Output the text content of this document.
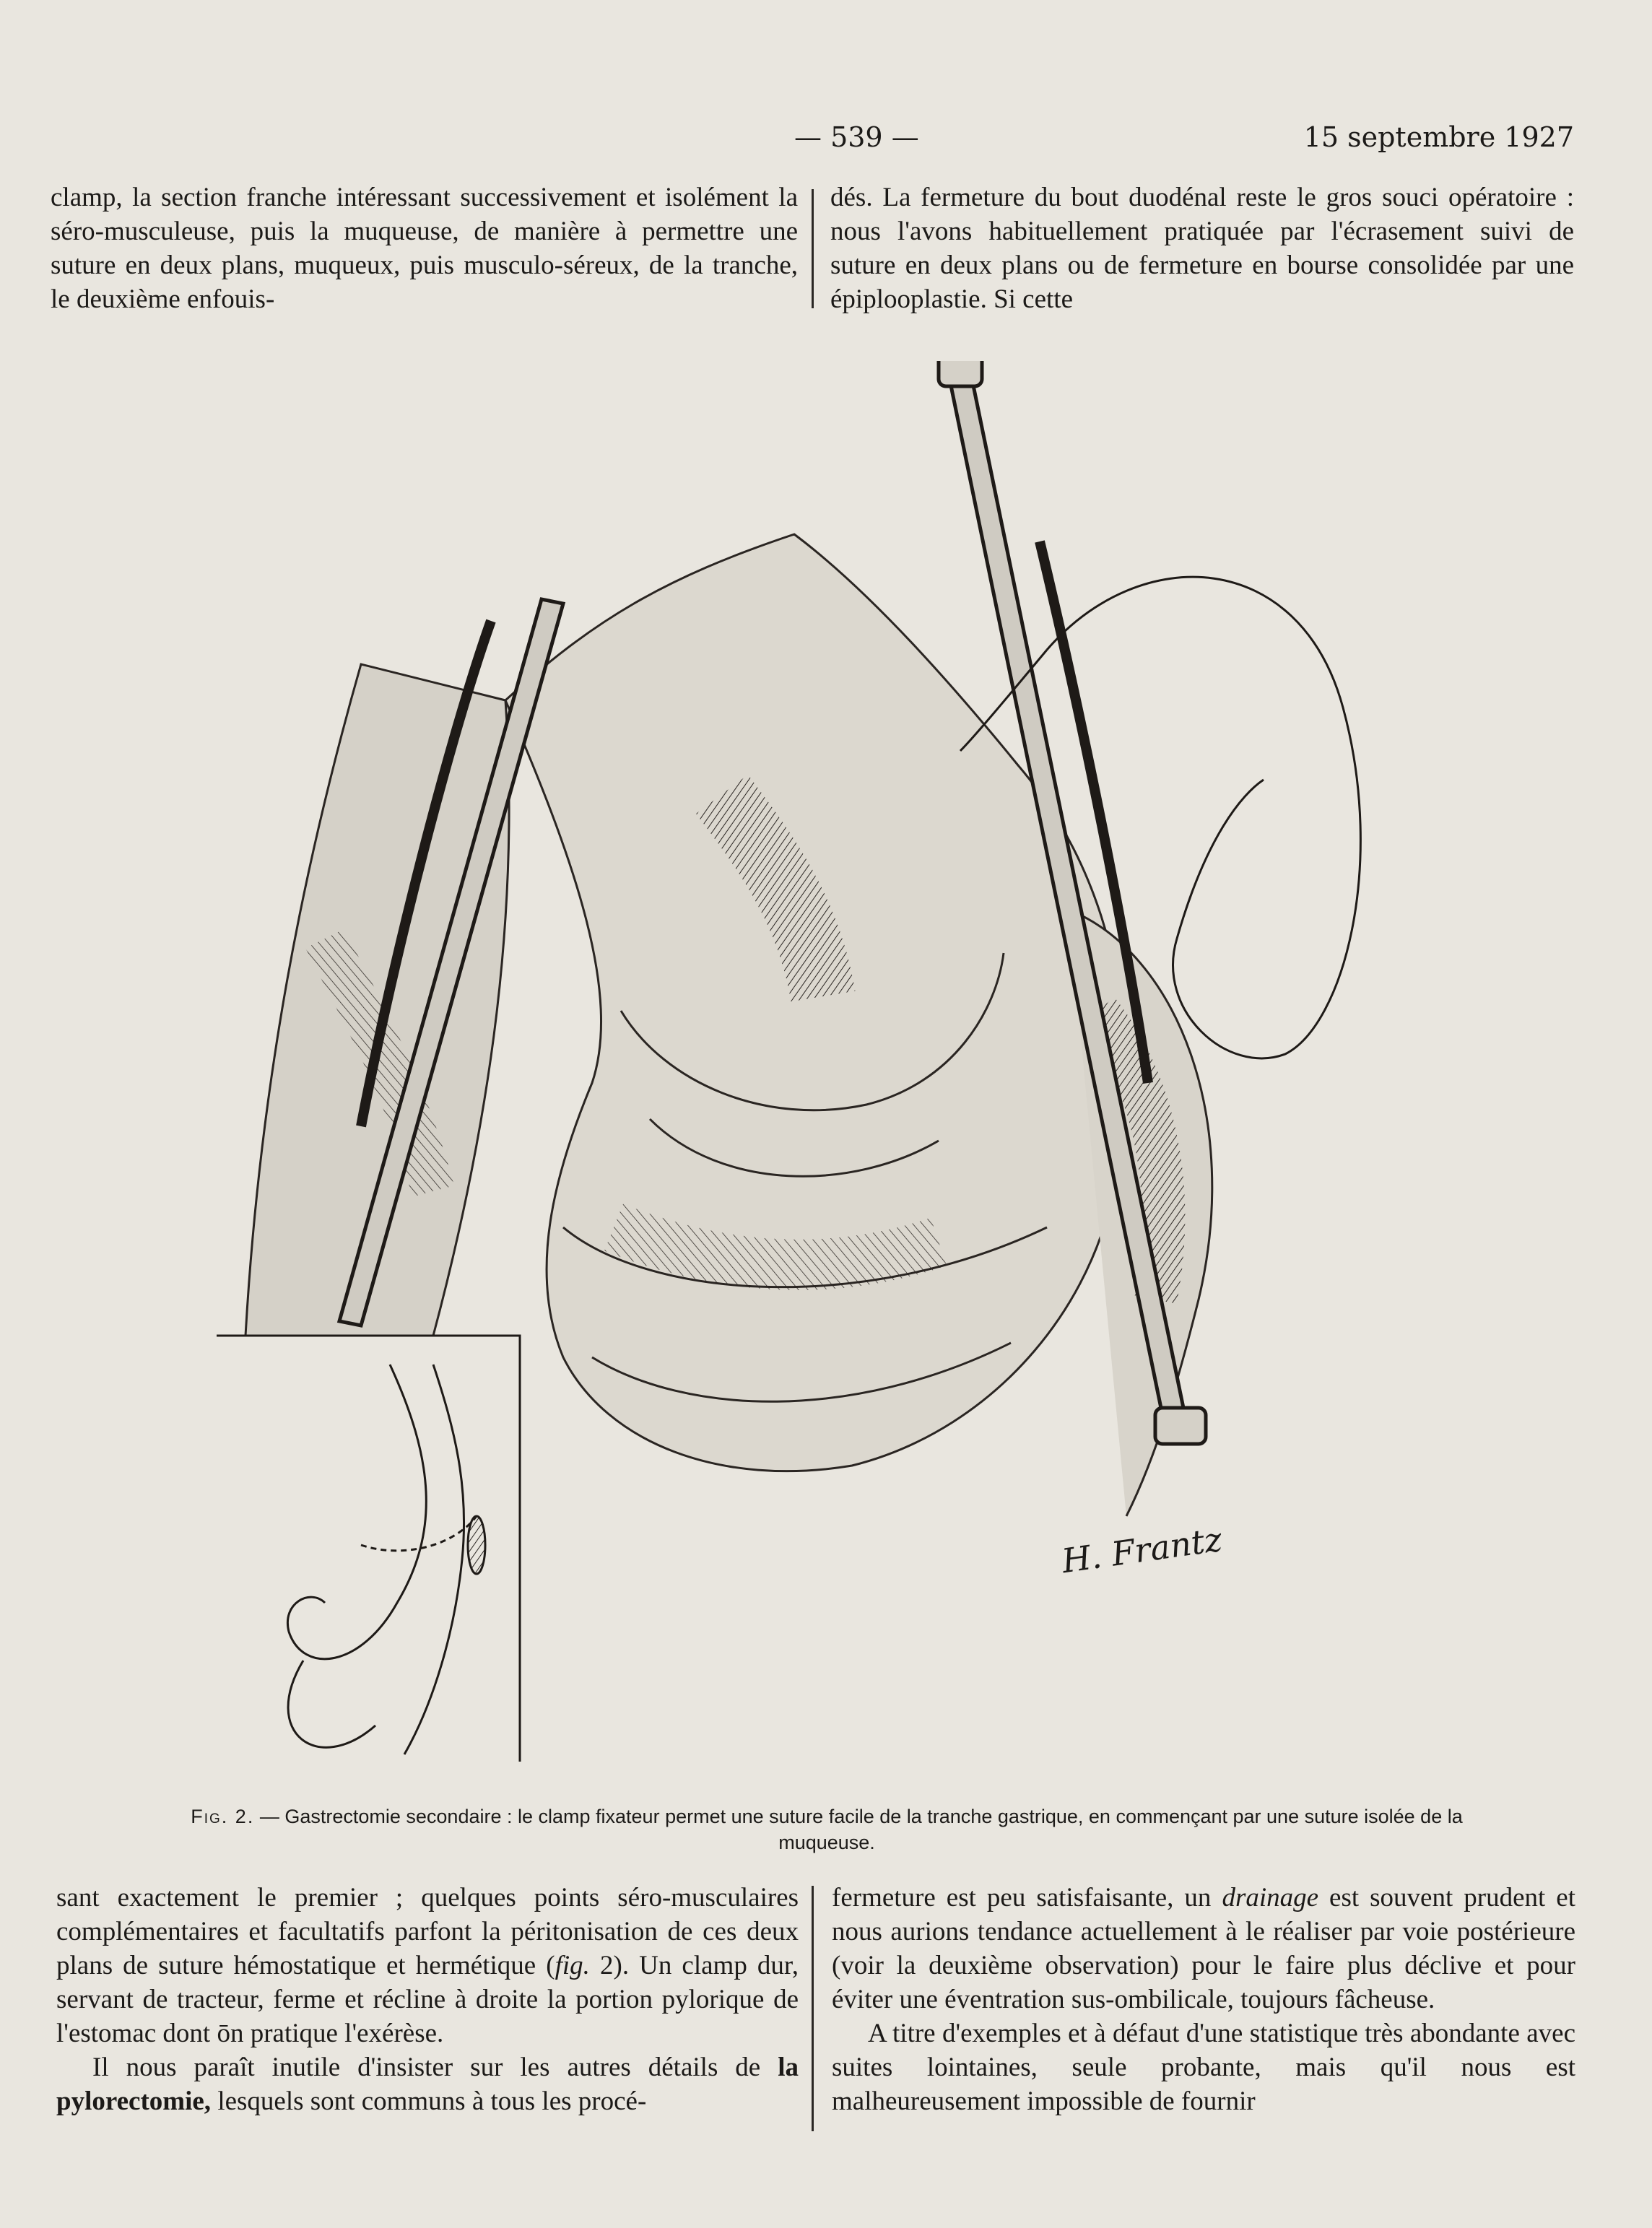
— 539 —	15 septembre 1927

clamp, la section franche intéressant successivement et isolément la séro-musculeuse, puis la muqueuse, de manière à permettre une suture en deux plans, muqueux, puis musculo-séreux, de la tranche, le deuxième enfouis-

dés. La fermeture du bout duodénal reste le gros souci opératoire : nous l'avons habituellement pratiquée par l'écrasement suivi de suture en deux plans ou de fermeture en bourse consolidée par une épiplooplastie. Si cette

H. Frantz
Fig. 2. — Gastrectomie secondaire : le clamp fixateur permet une suture facile de la tranche gastrique, en commençant par une suture isolée de la muqueuse.

sant exactement le premier ; quelques points séro-musculaires complémentaires et facultatifs parfont la péritonisation de ces deux plans de suture hémostatique et hermétique (fig. 2). Un clamp dur, servant de tracteur, ferme et récline à droite la portion pylorique de l'estomac dont ōn pratique l'exérèse.

Il nous paraît inutile d'insister sur les autres détails de la pylorectomie, lesquels sont communs à tous les procé-

fermeture est peu satisfaisante, un drainage est souvent prudent et nous aurions tendance actuellement à le réaliser par voie postérieure (voir la deuxième observation) pour le faire plus déclive et pour éviter une éventration sus-ombilicale, toujours fâcheuse.

A titre d'exemples et à défaut d'une statistique très abondante avec suites lointaines, seule probante, mais qu'il nous est malheureusement impossible de fournir
